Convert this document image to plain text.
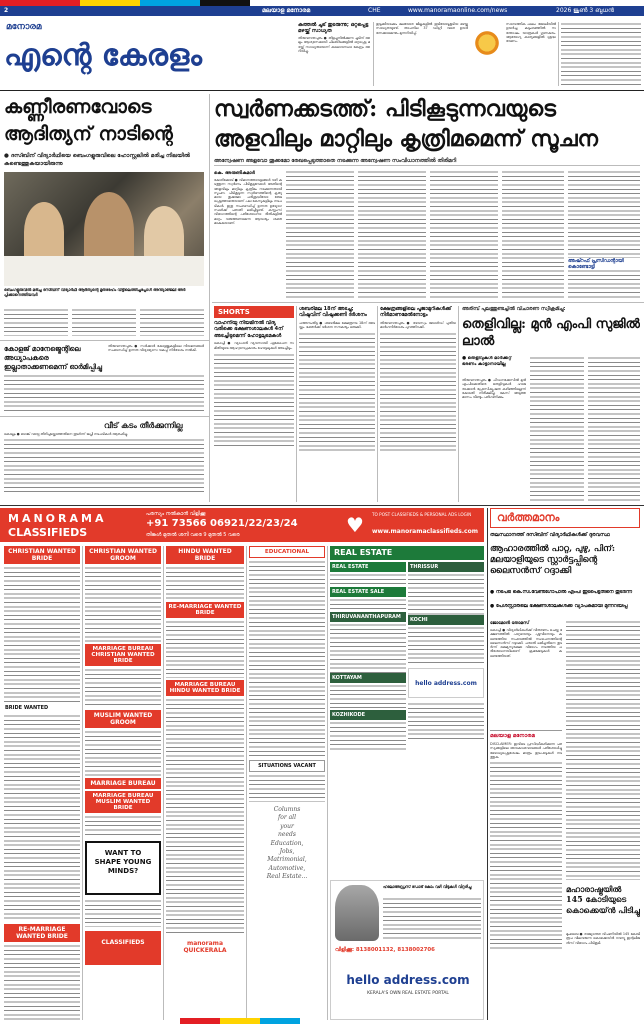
2	മലയാള മനോരമ	CHE	www.manoramaonline.com/news	2026 ജൂൺ 3 ബുധൻ
മനോരമ
എന്റെ കേരളം
കത്തൽ ചൂട് തുടരുന്നു; ഒറ്റപ്പെട്ട മഴയ്ക്ക് സാധ്യത
തിരുവനന്തപുരം ● തിളച്ചുനിൽക്കുന്ന ചൂടിന് അല്പം ആശ്വാസമായി ചിലയിടങ്ങളിൽ ഒറ്റപ്പെട്ട മഴയ്ക്ക് സാധ്യതയെന്ന് കാലാവസ്ഥാ കേന്ദ്രം അറിയിച്ചു.
ഇടുക്കിയടക്കം മലയോര ജില്ലകളിൽ ഇടിയോടുകൂടിയ മഴയ്ക്കു സാധ്യതയുണ്ട്. താപനില 37 ഡിഗ്രി വരെ ഉയർന്നേക്കാമെന്നും മുന്നറിയിപ്പ്.
സാമ്പത്തിക ഫലം: ജോലിയിൽ ഉയർച്ച, കുടുംബത്തിൽ സന്തോഷം. യാത്രകൾ ഗുണകരം. ആരോഗ്യ കാര്യങ്ങളിൽ ശ്രദ്ധ വേണം.
കണ്ണീരണവോടെ ആദിത്യന് നാടിന്റെ
● ദസ്ബിന് വിദ്യാർഥിയെ ബെംഗളൂരുവിലെ ഹോസ്റ്റലിൽ മരിച്ച നിലയിൽ കണ്ടെത്തുകയായിരുന്നു
ബെംഗളൂരുവിൽ മരിച്ച ദസ്ബിന് വിദ്യാർഥി ആദിത്യന്റെ മൃതദേഹം വീട്ടിലെത്തിച്ചപ്പോൾ അന്ത്യാഞ്ജലി അർപ്പിക്കാനെത്തിയവർ
സ്വർണക്കടത്ത്: പിടികൂടുന്നവയുടെ
അളവിലും മാറ്റിലും കൃത്രിമമെന്ന് സൂചന
അന്വേഷണ അളവോ തൂക്കമോ രേഖപ്പെടുത്താതെ നടക്കുന്ന അന്വേഷണ സംവിധാനത്തിൽ തിരിമറി
കെ. അരുൺകുമാർ
കോഴിക്കോട് ● വിമാനത്താവളങ്ങൾ വഴി കടത്തുന്ന സ്വർണം പിടികൂടുമ്പോൾ അതിന്റെ അളവിലും മാറ്റിലും കൃത്രിമം നടക്കുന്നതായി സൂചന. പിടികൂടുന്ന സ്വർണത്തിന്റെ കൃത്യമായ തൂക്കമോ പരിശുദ്ധിയോ രേഖപ്പെടുത്താതെയാണ് പല കേസുകളിലും നടപടികൾ. ഇതു സംബന്ധിച്ച് ഉന്നത ഉദ്യോഗസ്ഥർക്ക് പരാതി ലഭിച്ചിട്ടുണ്ട്. കസ്റ്റംസ് വിഭാഗത്തിന്റെ പരിശോധനാ രീതികളിൽ മാറ്റം വരുത്തണമെന്ന ആവശ്യം ശക്തമാകുകയാണ്.
അഷ്റഫ് പ്രസിഡന്റായി കൊണ്ടോട്ടി
SHORTS
വാഹനിയു നിയമിനൽ വിദ്യ വരിക്കെ ഭക്ഷണശാലകൾ 4ന് അടച്ചിടുമെന്ന് ഹോട്ടലുടമകൾ
കൊച്ചി ● വ്യാപാരി വ്യവസായി ഏകോപന സമിതിയുടെ ആഹ്വാനപ്രകാരം ഹോട്ടലുകൾ അടച്ചിടും.
ശബരിമല 18ന് അടച്ചു; വിഷുവിന് വിഷുക്കണി ദർശനം
പത്തനംതിട്ട ● ശബരിമല ക്ഷേത്രനട 18ന് അടയ്ക്കും. ഭക്തർക്ക് ദർശന സൗകര്യം ഒരുക്കി.
ക്ഷേത്രങ്ങളിലെ പൂജാമുറികൾക്ക് നിർമാണമേൽനോട്ടം
തിരുവനന്തപുരം ● ദേവസ്വം ബോർഡ് പുതിയ മാർഗനിർദേശം പുറത്തിറക്കി.
അരിമ്പ് പുലത്തുണ്ടച്ചിൽ വിചാരണ സ്വീക്രമിച്ചു:
തെളിവില്ല: മുൻ എംപി സുജിൽ ലാൽ
● തെളിവുകൾ മാർക്കറ്റ് ഭരണം കാട്ടാനായില്ല
തിരുവനന്തപുരം ● പീഡനക്കേസിൽ മുൻ എംപിക്കെതിരെ തെളിവുകൾ ഹാജരാക്കാൻ പ്രോസിക്യൂഷനു കഴിഞ്ഞില്ലെന്ന് കോടതി നിരീക്ഷിച്ചു. കേസ് അടുത്ത മാസം വീണ്ടും പരിഗണിക്കും.
കോളജ് മാനേജ്മെന്റിലെ അധ്യാപകരെ ഇല്ലാതാക്കണമെന്ന് ഓർമിപ്പിച്ചു
തിരുവനന്തപുരം ● സർക്കാർ കോളജുകളിലെ നിയമനങ്ങൾ സംബന്ധിച്ച് ഉന്നത വിദ്യാഭ്യാസ വകുപ്പ് നിർദേശം നൽകി.
വീട് കടം തീർക്കുന്നില്ല
കൊല്ലം ● ബാങ്ക് വായ്പ തിരിച്ചടയ്ക്കാത്തതിനെ തുടർന്ന് ജപ്തി നടപടികൾ ആരംഭിച്ചു.
MANORAMA
CLASSIFIEDS
പരസ്യം നൽകാൻ വിളിക്കൂ
+91 73566 06921/22/23/24
തിങ്കൾ മുതൽ ശനി വരെ 9 മുതൽ 5 വരെ	♥	TO POST CLASSIFIEDS & PERSONAL ADS LOGIN
www.manoramaclassifieds.com
CHRISTIAN WANTED BRIDE
BRIDE WANTED
RE-MARRIAGE WANTED BRIDE
CHRISTIAN WANTED GROOM
MARRIAGE BUREAU CHRISTIAN WANTED BRIDE
MUSLIM WANTED GROOM
MARRIAGE BUREAU
MARRIAGE BUREAU MUSLIM WANTED BRIDE
WANT TO SHAPE YOUNG MINDS?
CLASSIFIEDS
HINDU WANTED BRIDE
RE-MARRIAGE WANTED BRIDE
MARRIAGE BUREAU HINDU WANTED BRIDE
manorama QUICKERALA
EDUCATIONAL
SITUATIONS VACANT
Columns
for all
your
needs
Education,
Jobs,
Matrimonial,
Automotive,
Real Estate...
REAL ESTATE
REAL ESTATE
REAL ESTATE SALE
THIRUVANANTHAPURAM
KOTTAYAM
KOZHIKODE
THRISSUR
KOCHI
hello address.com
ഹലോഅഡ്രസ് ഡോട് കോം വഴി വീടുകൾ വിറ്റഴിച്ചു
വിളിക്കൂ: 8138001132, 8138002706
hello address.com
KERALA'S OWN REAL ESTATE PORTAL
വർത്തമാനം
തലസ്ഥാനത്ത് ദസ്ബിന് വിദ്യാർഥികൾക്ക് ദുരവസ്ഥ
ആഹാരത്തിൽ പാറ്റ, പുഴു, പിന്: മലയാളിയുടെ സ്റ്റാർട്ടപ്പിന്റെ ലൈസൻസ് റദ്ദാക്കി
● നടപടി കെ.സി.വേണുഗോപാൽ എംപി ഇടപെട്ടതിനെ തുടർന്ന്
● പേൾസ്റ്റാരിലെ ഭക്ഷണശാലകൾക്ക് വ്യാപകമായി മുന്നറിയിപ്പ്
ജോമോൻ തോമസ്
കൊച്ചി ● വിദ്യാർഥികൾക്ക് വിതരണം ചെയ്ത ഭക്ഷണത്തിൽ പാറ്റയെയും പുഴുവിനെയും കണ്ടെത്തിയ സംഭവത്തിൽ സ്ഥാപനത്തിന്റെ ലൈസൻസ് റദ്ദാക്കി. പരാതി ലഭിച്ചതിനെ തുടർന്ന് ഭക്ഷ്യസുരക്ഷാ വിഭാഗം നടത്തിയ പരിശോധനയിലാണ് ക്രമക്കേടുകൾ കണ്ടെത്തിയത്.
മലയാള മനോരമ
DISCLAIMER: ഇവിടെ പ്രസിദ്ധീകരിക്കുന്ന പരസ്യങ്ങളിലെ അവകാശവാദങ്ങൾ പരിശോധിച്ചു ബോധ്യപ്പെട്ടശേഷം മാത്രം ഇടപാടുകൾ നടത്തുക.
മഹാരാഷ്ട്രയിൽ 145 കോടിയുടെ കൊക്കെയ്ൻ പിടിച്ചു
മുംബൈ ● രാജ്യാന്തര വിപണിയിൽ 145 കോടി രൂപ വിലവരുന്ന കൊക്കെയ്ൻ റവന്യു ഇന്റലിജൻസ് വിഭാഗം പിടികൂടി.
